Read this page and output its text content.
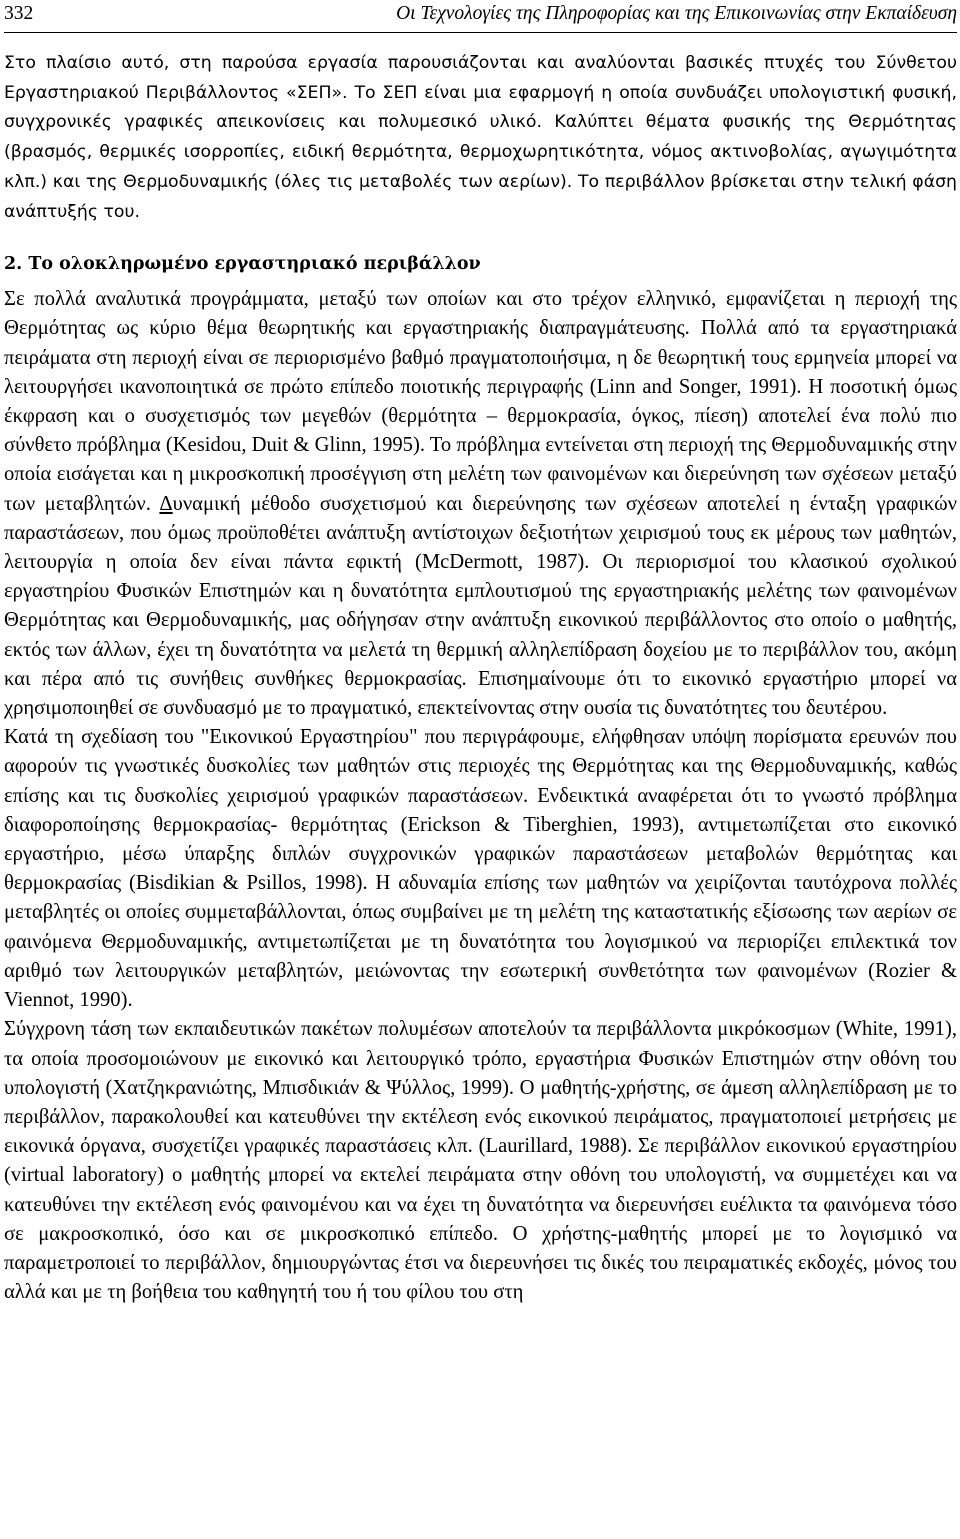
332	Οι Τεχνολογίες της Πληροφορίας και της Επικοινωνίας στην Εκπαίδευση

Στο πλαίσιο αυτό, στη παρούσα εργασία παρουσιάζονται και αναλύονται βασικές πτυχές του Σύνθετου Εργαστηριακού Περιβάλλοντος «ΣΕΠ». Το ΣΕΠ είναι μια εφαρμογή η οποία συνδυάζει υπολογιστική φυσική, συγχρονικές γραφικές απεικονίσεις και πολυμεσικό υλικό. Καλύπτει θέματα φυσικής της Θερμότητας (βρασμός, θερμικές ισορροπίες, ειδική θερμότητα, θερμοχωρητικότητα, νόμος ακτινοβολίας, αγωγιμότητα κλπ.) και της Θερμοδυναμικής (όλες τις μεταβολές των αερίων). Το περιβάλλον βρίσκεται στην τελική φάση ανάπτυξής του.

2. Το ολοκληρωμένο εργαστηριακό περιβάλλον

Σε πολλά αναλυτικά προγράμματα, μεταξύ των οποίων και στο τρέχον ελληνικό, εμφανίζεται η περιοχή της Θερμότητας ως κύριο θέμα θεωρητικής και εργαστηριακής διαπραγμάτευσης. Πολλά από τα εργαστηριακά πειράματα στη περιοχή είναι σε περιορισμένο βαθμό πραγματοποιήσιμα, η δε θεωρητική τους ερμηνεία μπορεί να λειτουργήσει ικανοποιητικά σε πρώτο επίπεδο ποιοτικής περιγραφής (Linn and Songer, 1991). Η ποσοτική όμως έκφραση και ο συσχετισμός των μεγεθών (θερμότητα – θερμοκρασία, όγκος, πίεση) αποτελεί ένα πολύ πιο σύνθετο πρόβλημα (Kesidou, Duit & Glinn, 1995). Το πρόβλημα εντείνεται στη περιοχή της Θερμοδυναμικής στην οποία εισάγεται και η μικροσκοπική προσέγγιση στη μελέτη των φαινομένων και διερεύνηση των σχέσεων μεταξύ των μεταβλητών. Δυναμική μέθοδο συσχετισμού και διερεύνησης των σχέσεων αποτελεί η ένταξη γραφικών παραστάσεων, που όμως προϋποθέτει ανάπτυξη αντίστοιχων δεξιοτήτων χειρισμού τους εκ μέρους των μαθητών, λειτουργία η οποία δεν είναι πάντα εφικτή (McDermott, 1987). Οι περιορισμοί του κλασικού σχολικού εργαστηρίου Φυσικών Επιστημών και η δυνατότητα εμπλουτισμού της εργαστηριακής μελέτης των φαινομένων Θερμότητας και Θερμοδυναμικής, μας οδήγησαν στην ανάπτυξη εικονικού περιβάλλοντος στο οποίο ο μαθητής, εκτός των άλλων, έχει τη δυνατότητα να μελετά τη θερμική αλληλεπίδραση δοχείου με το περιβάλλον του, ακόμη και πέρα από τις συνήθεις συνθήκες θερμοκρασίας. Επισημαίνουμε ότι το εικονικό εργαστήριο μπορεί να χρησιμοποιηθεί σε συνδυασμό με το πραγματικό, επεκτείνοντας στην ουσία τις δυνατότητες του δευτέρου.

Κατά τη σχεδίαση του "Εικονικού Εργαστηρίου" που περιγράφουμε, ελήφθησαν υπόψη πορίσματα ερευνών που αφορούν τις γνωστικές δυσκολίες των μαθητών στις περιοχές της Θερμότητας και της Θερμοδυναμικής, καθώς επίσης και τις δυσκολίες χειρισμού γραφικών παραστάσεων. Ενδεικτικά αναφέρεται ότι το γνωστό πρόβλημα διαφοροποίησης θερμοκρασίας- θερμότητας (Erickson & Tiberghien, 1993), αντιμετωπίζεται στο εικονικό εργαστήριο, μέσω ύπαρξης διπλών συγχρονικών γραφικών παραστάσεων μεταβολών θερμότητας και θερμοκρασίας (Bisdikian & Psillos, 1998). Η αδυναμία επίσης των μαθητών να χειρίζονται ταυτόχρονα πολλές μεταβλητές οι οποίες συμμεταβάλλονται, όπως συμβαίνει με τη μελέτη της καταστατικής εξίσωσης των αερίων σε φαινόμενα Θερμοδυναμικής, αντιμετωπίζεται με τη δυνατότητα του λογισμικού να περιορίζει επιλεκτικά τον αριθμό των λειτουργικών μεταβλητών, μειώνοντας την εσωτερική συνθετότητα των φαινομένων (Rozier & Viennot, 1990).

Σύγχρονη τάση των εκπαιδευτικών πακέτων πολυμέσων αποτελούν τα περιβάλλοντα μικρόκοσμων (White, 1991), τα οποία προσομοιώνουν με εικονικό και λειτουργικό τρόπο, εργαστήρια Φυσικών Επιστημών στην οθόνη του υπολογιστή (Χατζηκρανιώτης, Μπισδικιάν & Ψύλλος, 1999). Ο μαθητής-χρήστης, σε άμεση αλληλεπίδραση με το περιβάλλον, παρακολουθεί και κατευθύνει την εκτέλεση ενός εικονικού πειράματος, πραγματοποιεί μετρήσεις με εικονικά όργανα, συσχετίζει γραφικές παραστάσεις κλπ. (Laurillard, 1988). Σε περιβάλλον εικονικού εργαστηρίου (virtual laboratory) ο μαθητής μπορεί να εκτελεί πειράματα στην οθόνη του υπολογιστή, να συμμετέχει και να κατευθύνει την εκτέλεση ενός φαινομένου και να έχει τη δυνατότητα να διερευνήσει ευέλικτα τα φαινόμενα τόσο σε μακροσκοπικό, όσο και σε μικροσκοπικό επίπεδο. Ο χρήστης-μαθητής μπορεί με το λογισμικό να παραμετροποιεί το περιβάλλον, δημιουργώντας έτσι να διερευνήσει τις δικές του πειραματικές εκδοχές, μόνος του αλλά και με τη βοήθεια του καθηγητή του ή του φίλου του στη
